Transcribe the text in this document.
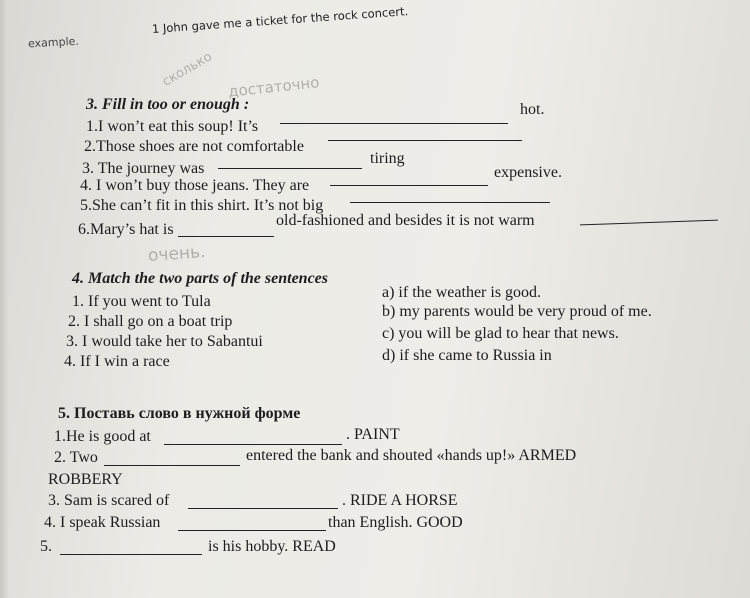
example.
1 John gave me a ticket for the rock concert.
сколько достаточно
очень.
3. Fill in too or enough :
1.I won’t eat this soup! It’s
hot.
2.Those shoes are not comfortable
3. The journey was
tiring
4. I won’t buy those jeans. They are
expensive.
5.She can’t fit in this shirt. It’s not big
6.Mary’s hat is
old-fashioned and besides it is not warm
4. Match the two parts of the sentences
1. If you went to Tula
2. I shall go on a boat trip
3. I would take her to Sabantui
4. If I win a race
a) if the weather is good.
b) my parents would be very proud of me.
c) you will be glad to hear that news.
d) if she came to Russia in
5. Поставь слово в нужной форме
1.He is good at	. PAINT
2. Two	entered the bank and shouted «hands up!» ARMED
ROBBERY
3. Sam is scared of	. RIDE A HORSE
4. I speak Russian	than English. GOOD
5.	is his hobby. READ
